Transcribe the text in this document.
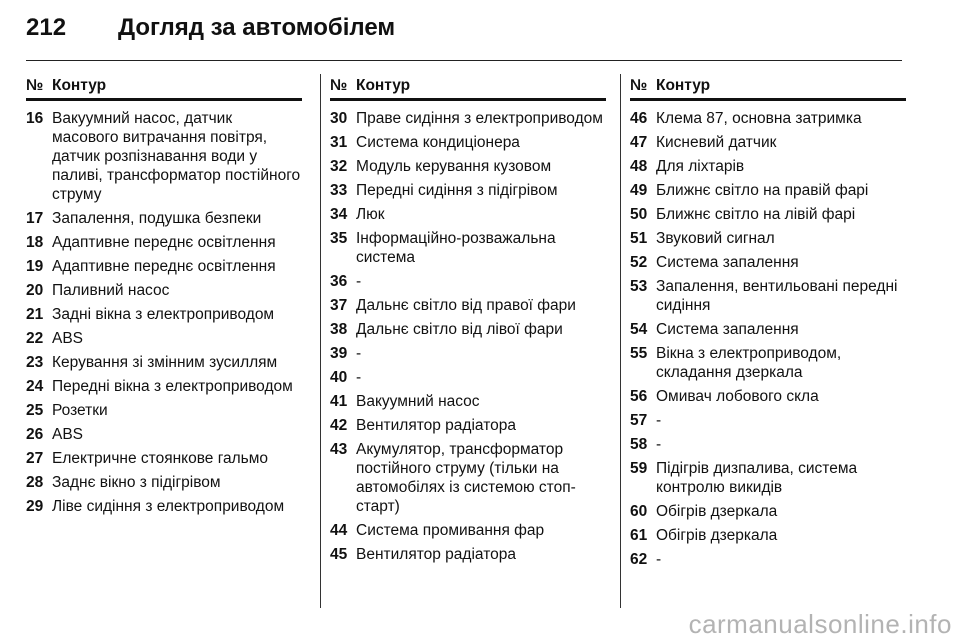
212	Догляд за автомобілем
№ Контур
16 Вакуумний насос, датчик масового витрачання повітря, датчик розпізнавання води у паливі, трансформатор постійного струму
17 Запалення, подушка безпеки
18 Адаптивне переднє освітлення
19 Адаптивне переднє освітлення
20 Паливний насос
21 Задні вікна з електроприводом
22 ABS
23 Керування зі змінним зусиллям
24 Передні вікна з електроприводом
25 Розетки
26 ABS
27 Електричне стоянкове гальмо
28 Заднє вікно з підігрівом
29 Ліве сидіння з електроприводом
№ Контур
30 Праве сидіння з електроприводом
31 Система кондиціонера
32 Модуль керування кузовом
33 Передні сидіння з підігрівом
34 Люк
35 Інформаційно-розважальна система
36 -
37 Дальнє світло від правої фари
38 Дальнє світло від лівої фари
39 -
40 -
41 Вакуумний насос
42 Вентилятор радіатора
43 Акумулятор, трансформатор постійного струму (тільки на автомобілях із системою стоп-старт)
44 Система промивання фар
45 Вентилятор радіатора
№ Контур
46 Клема 87, основна затримка
47 Кисневий датчик
48 Для ліхтарів
49 Ближнє світло на правій фарі
50 Ближнє світло на лівій фарі
51 Звуковий сигнал
52 Система запалення
53 Запалення, вентильовані передні сидіння
54 Система запалення
55 Вікна з електроприводом, складання дзеркала
56 Омивач лобового скла
57 -
58 -
59 Підігрів дизпалива, система контролю викидів
60 Обігрів дзеркала
61 Обігрів дзеркала
62 -
carmanualsonline.info
